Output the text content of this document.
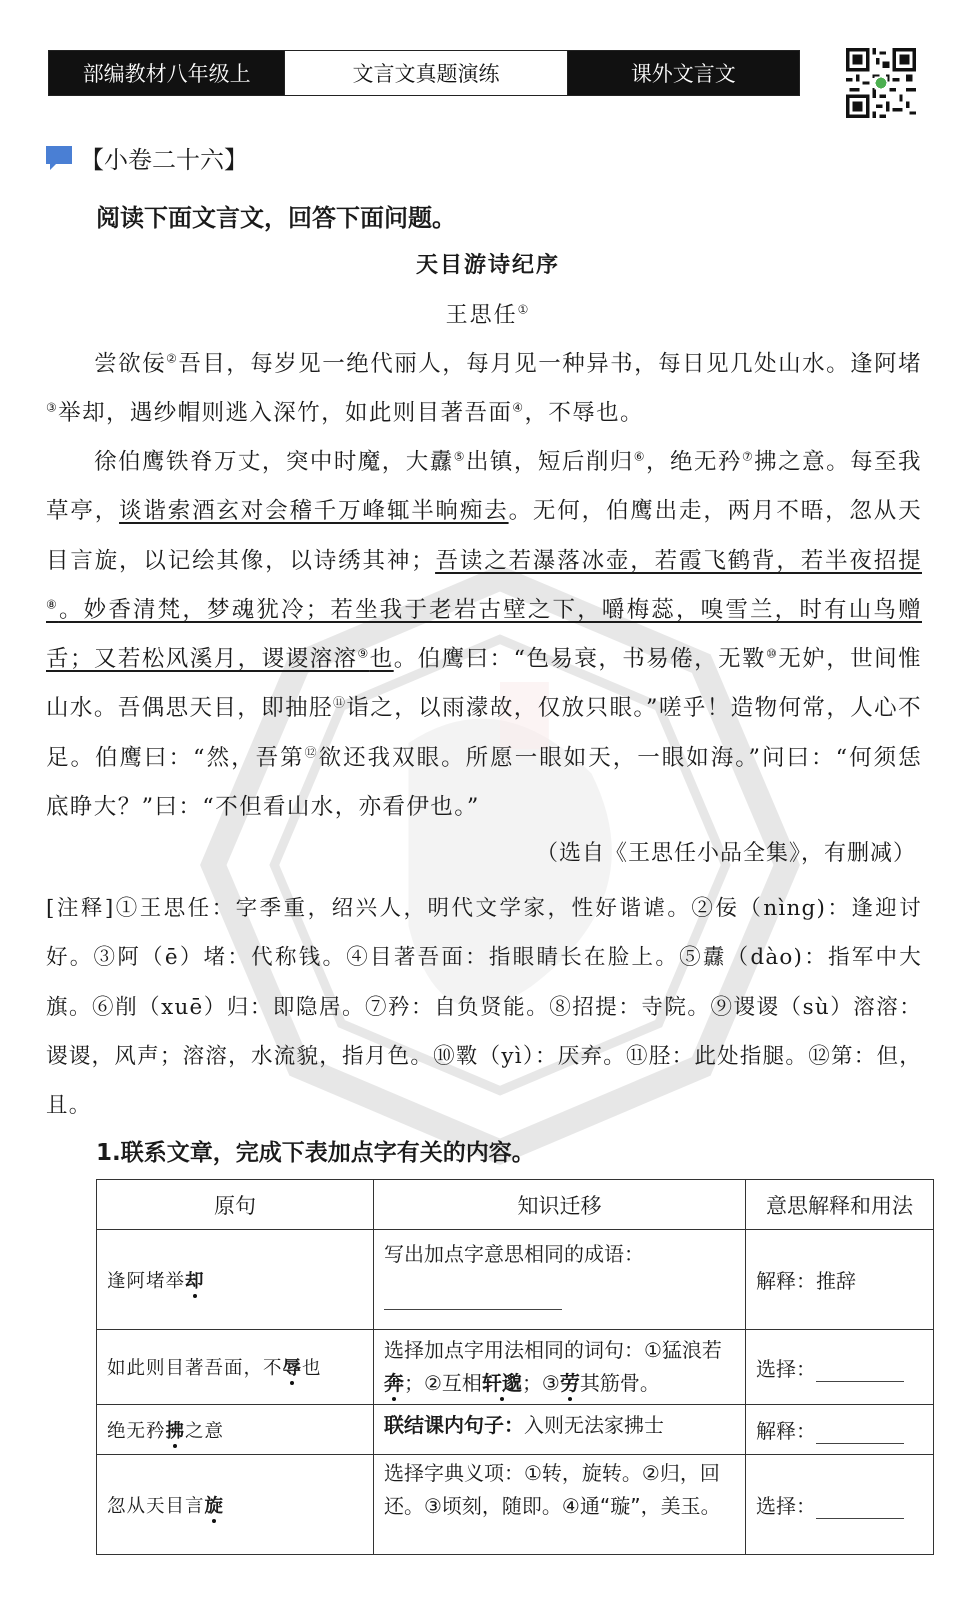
部编教材八年级上	文言文真题演练	课外文言文
【小卷二十六】
阅读下面文言文，回答下面问题。
天目游诗纪序
王思任①

尝欲佞②吾目，每岁见一绝代丽人，每月见一种异书，每日见几处山水。逢阿堵③举却，遇纱帽则逃入深竹，如此则目著吾面④，不辱也。

徐伯鹰铁脊万丈，突中时魔，大纛⑤出镇，短后削归⑥，绝无矜⑦拂之意。每至我草亭，谈谐索酒玄对会稽千万峰辄半晌痴去。无何，伯鹰出走，两月不晤，忽从天目言旋，以记绘其像，以诗绣其神；吾读之若瀑落冰壶，若霞飞鹤背，若半夜招提⑧。妙香清梵，梦魂犹冷；若坐我于老岩古壁之下，嚼梅蕊，嗅雪兰，时有山鸟赠舌；又若松风溪月，谡谡溶溶⑨也。伯鹰曰：“色易衰，书易倦，无斁⑩无妒，世间惟山水。吾偶思天目，即抽胫⑪诣之，以雨濛故，仅放只眼。”嗟乎！造物何常，人心不足。伯鹰曰：“然，吾第⑫欲还我双眼。所愿一眼如天，一眼如海。”问曰：“何须恁底睁大？”曰：“不但看山水，亦看伊也。”

（选自《王思任小品全集》，有删减）
[注释]①王思任：字季重，绍兴人，明代文学家，性好谐谑。②佞（nìng)：逢迎讨好。③阿（ē）堵：代称钱。④目著吾面：指眼睛长在脸上。⑤纛（dào)：指军中大旗。⑥削（xuē）归：即隐居。⑦矜：自负贤能。⑧招提：寺院。⑨谡谡（sù）溶溶：谡谡，风声；溶溶，水流貌，指月色。⑩斁（yì）：厌弃。⑪胫：此处指腿。⑫第：但，且。
1.联系文章，完成下表加点字有关的内容。
原句	知识迁移	意思解释和用法
逢阿堵举却	写出加点字意思相同的成语：	解释：推辞
如此则目著吾面，不辱也	选择加点字用法相同的词句：①猛浪若奔；②互相轩邈；③劳其筋骨。	选择：
绝无矜拂之意	联结课内句子：入则无法家拂士	解释：
忽从天目言旋	选择字典义项：①转，旋转。②归，回还。③顷刻，随即。④通“璇”，美玉。	选择：
